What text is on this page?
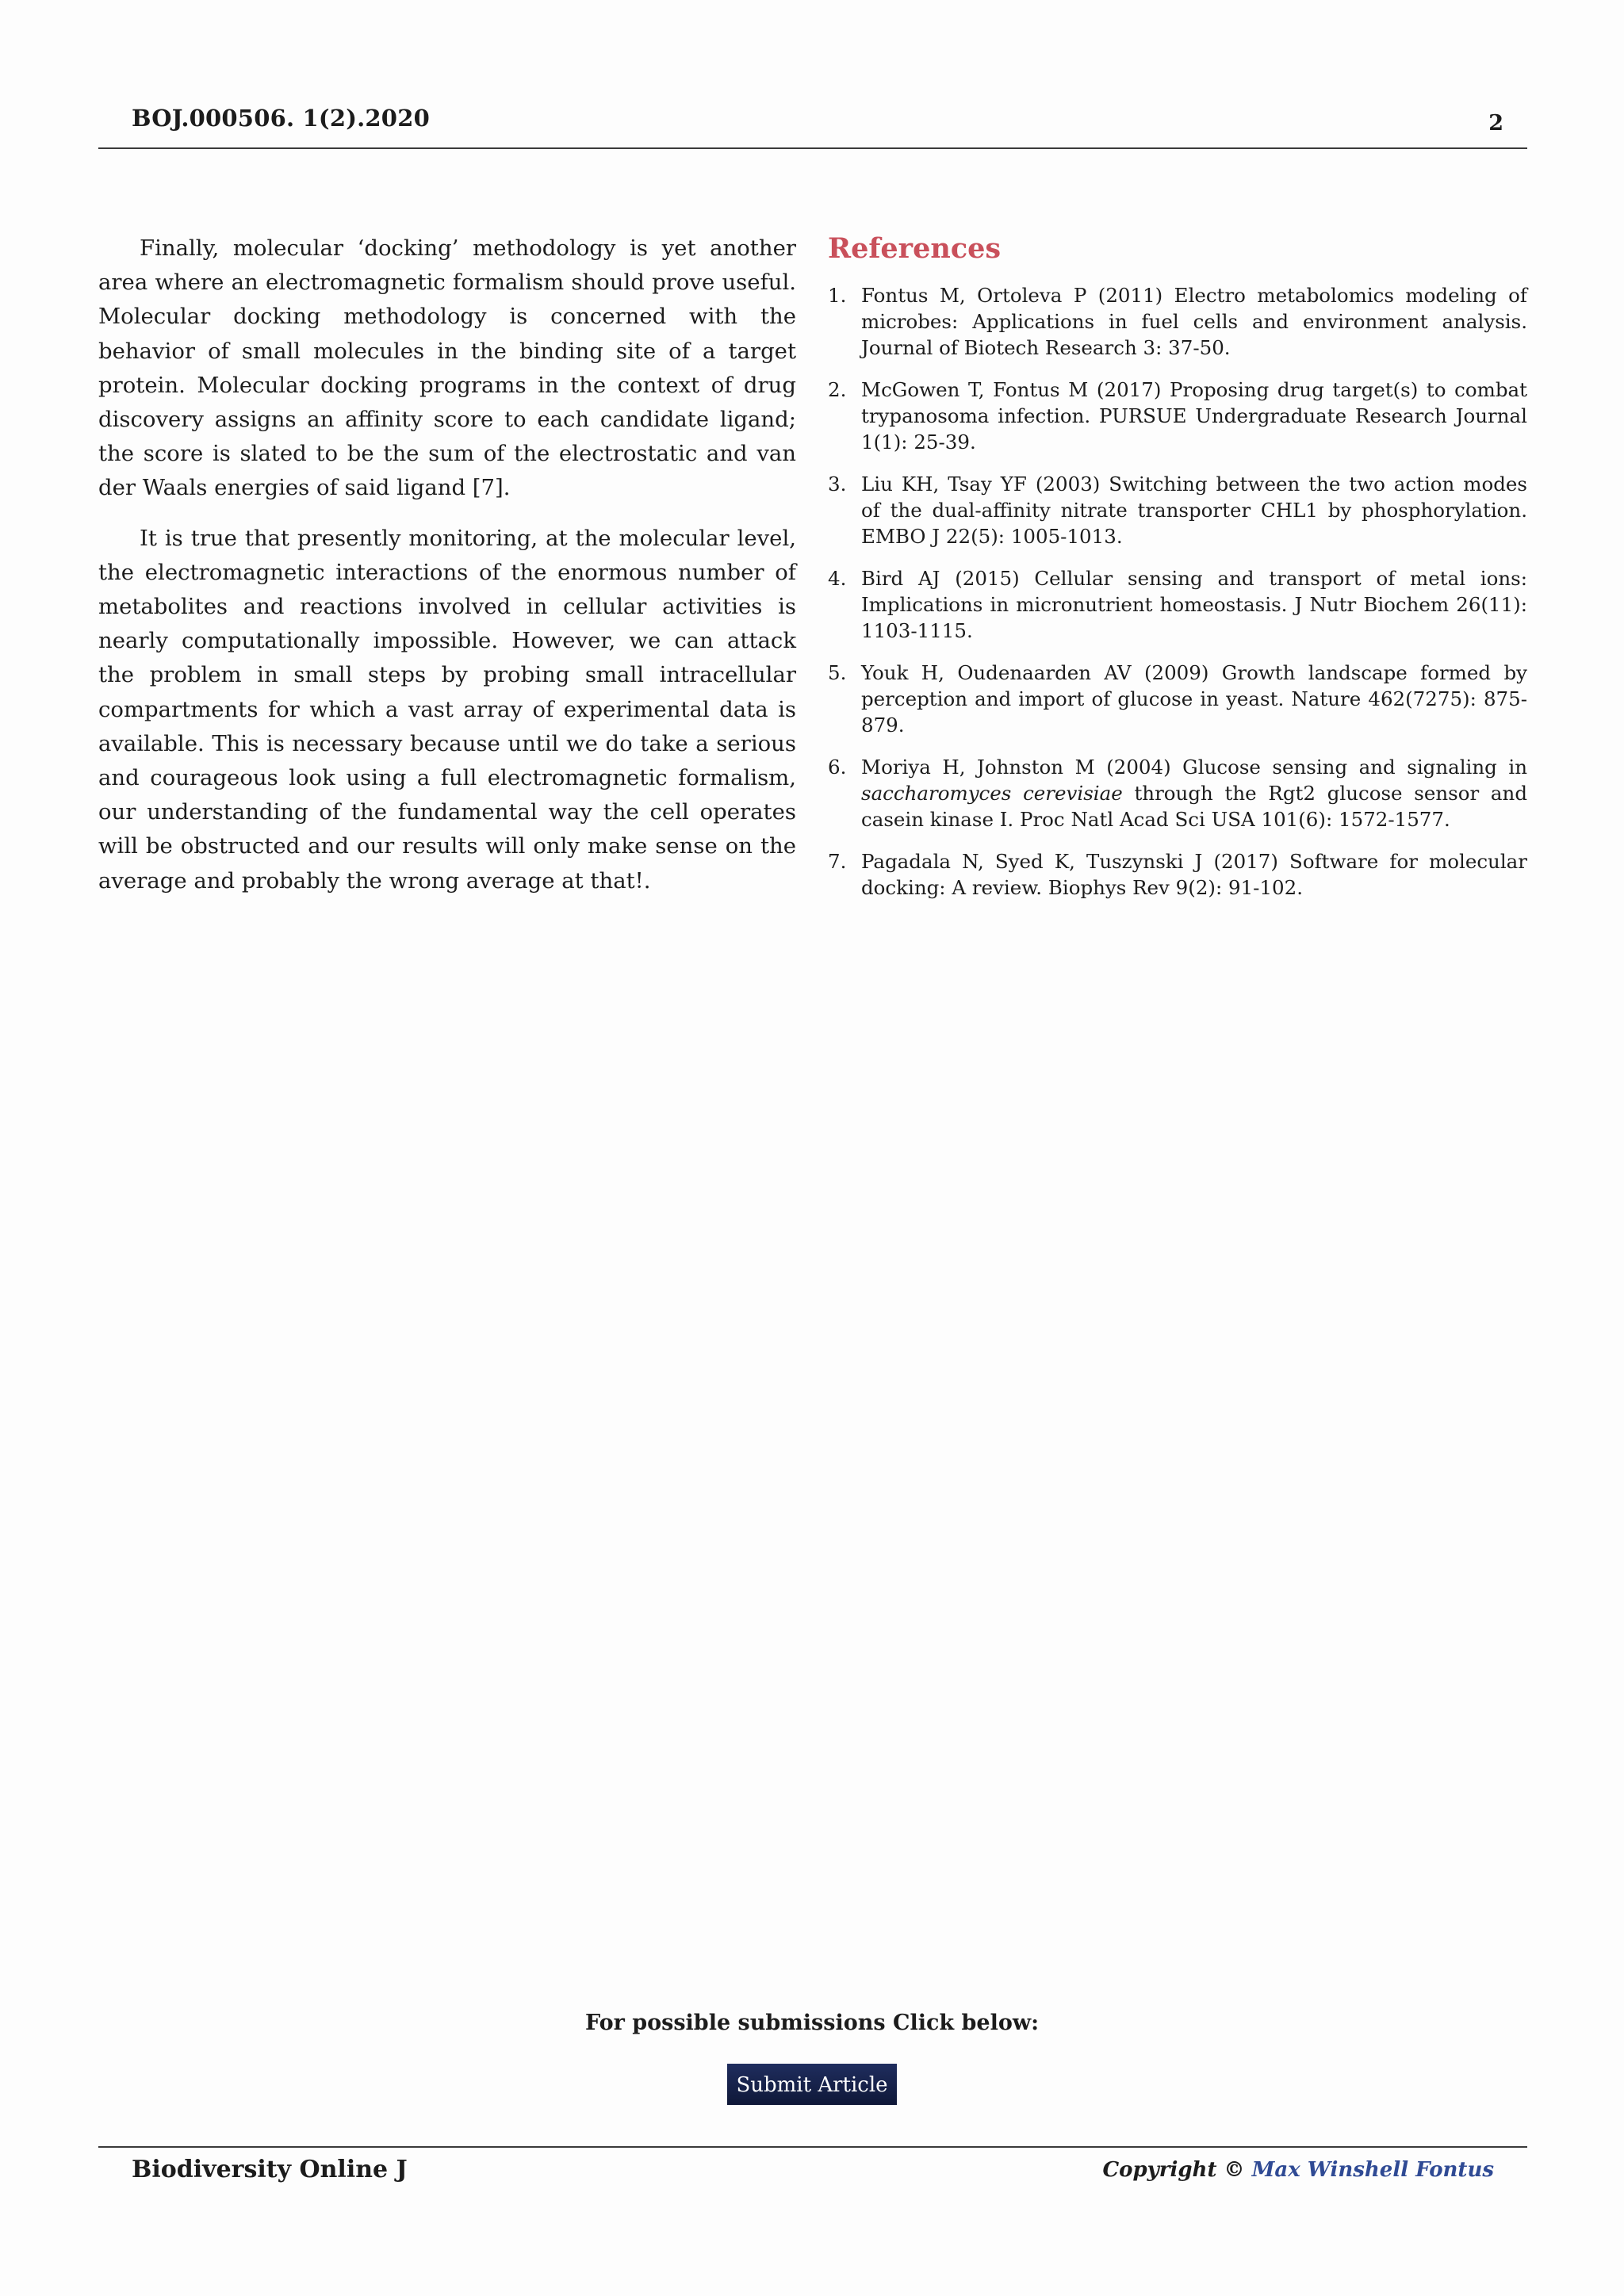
BOJ.000506. 1(2).2020	2

Finally, molecular ‘docking’ methodology is yet another area where an electromagnetic formalism should prove useful. Molecular docking methodology is concerned with the behavior of small molecules in the binding site of a target protein. Molecular docking programs in the context of drug discovery assigns an affinity score to each candidate ligand; the score is slated to be the sum of the electrostatic and van der Waals energies of said ligand [7].

It is true that presently monitoring, at the molecular level, the electromagnetic interactions of the enormous number of metabolites and reactions involved in cellular activities is nearly computationally impossible. However, we can attack the problem in small steps by probing small intracellular compartments for which a vast array of experimental data is available. This is necessary because until we do take a serious and courageous look using a full electromagnetic formalism, our understanding of the fundamental way the cell operates will be obstructed and our results will only make sense on the average and probably the wrong average at that!.

References
1. Fontus M, Ortoleva P (2011) Electro metabolomics modeling of microbes: Applications in fuel cells and environment analysis. Journal of Biotech Research 3: 37-50.
2. McGowen T, Fontus M (2017) Proposing drug target(s) to combat trypanosoma infection. PURSUE Undergraduate Research Journal 1(1): 25-39.
3. Liu KH, Tsay YF (2003) Switching between the two action modes of the dual-affinity nitrate transporter CHL1 by phosphorylation. EMBO J 22(5): 1005-1013.
4. Bird AJ (2015) Cellular sensing and transport of metal ions: Implications in micronutrient homeostasis. J Nutr Biochem 26(11): 1103-1115.
5. Youk H, Oudenaarden AV (2009) Growth landscape formed by perception and import of glucose in yeast. Nature 462(7275): 875-879.
6. Moriya H, Johnston M (2004) Glucose sensing and signaling in saccharomyces cerevisiae through the Rgt2 glucose sensor and casein kinase I. Proc Natl Acad Sci USA 101(6): 1572-1577.
7. Pagadala N, Syed K, Tuszynski J (2017) Software for molecular docking: A review. Biophys Rev 9(2): 91-102.
For possible submissions Click below:
Submit Article
Biodiversity Online J	Copyright © Max Winshell Fontus
